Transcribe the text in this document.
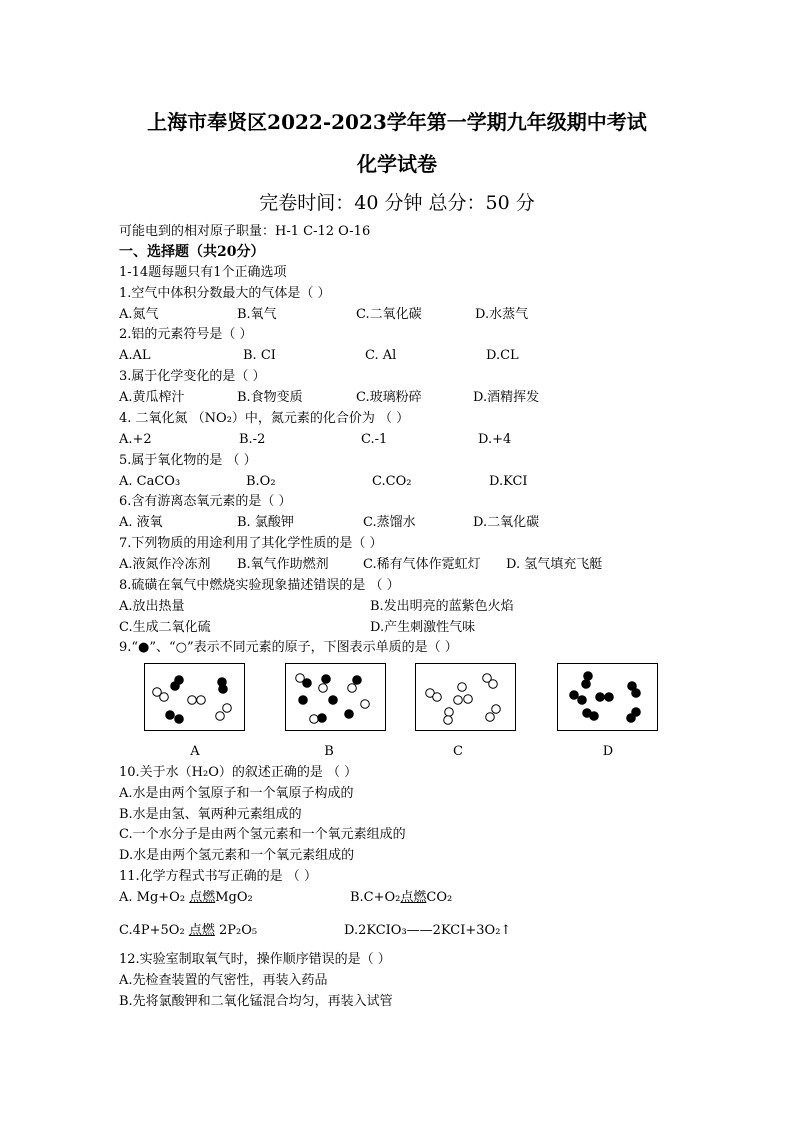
上海市奉贤区2022-2023学年第一学期九年级期中考试
化学试卷
完卷时间：40 分钟 总分：50 分
可能电到的相对原子职量：H-1 C-12 O-16
一、选择题（共20分）
1-14题每题只有1个正确选项
1.空气中体积分数最大的气体是（ ）
A.氮气	B.氧气	C.二氧化碳	D.水蒸气
2.铝的元素符号是（ ）
A.AL	B. CI	C. Al	D.CL
3.属于化学变化的是（ ）
A.黄瓜榨汁	B.食物变质	C.玻璃粉碎	D.酒精挥发
4. 二氧化氮 （NO₂）中，氮元素的化合价为 （ ）
A.+2	B.-2	C.-1	D.+4
5.属于氧化物的是 （ ）
A. CaCO₃	B.O₂	C.CO₂	D.KCI
6.含有游离态氧元素的是（ ）
A. 液氧	B. 氯酸钾	C.蒸馏水	D.二氧化碳
7.下列物质的用途利用了其化学性质的是（ ）
A.液氮作冷冻剂 B.氧气作助燃剂	C.稀有气体作霓虹灯 D. 氢气填充飞艇
8.硫磺在氧气中燃烧实验现象描述错误的是 （ ）
A.放出热量	B.发出明亮的蓝紫色火焰
C.生成二氧化硫	D.产生刺激性气味
9.“●”、“○”表示不同元素的原子，下图表示单质的是（ ）
A	B	C	D
10.关于水（H₂O）的叙述正确的是 （ ）
A.水是由两个氢原子和一个氧原子构成的
B.水是由氢、氧两种元素组成的
C.一个水分子是由两个氢元素和一个氧元素组成的
D.水是由两个氢元素和一个氧元素组成的
11.化学方程式书写正确的是 （ ）
A. Mg+O₂ 点燃MgO₂	B.C+O₂点燃CO₂
C.4P+5O₂ 点燃 2P₂O₅	D.2KCIO₃——2KCI+3O₂↑
12.实验室制取氧气时，操作顺序错误的是（ ）
A.先检查装置的气密性，再装入药品
B.先将氯酸钾和二氧化锰混合均匀，再装入试管
